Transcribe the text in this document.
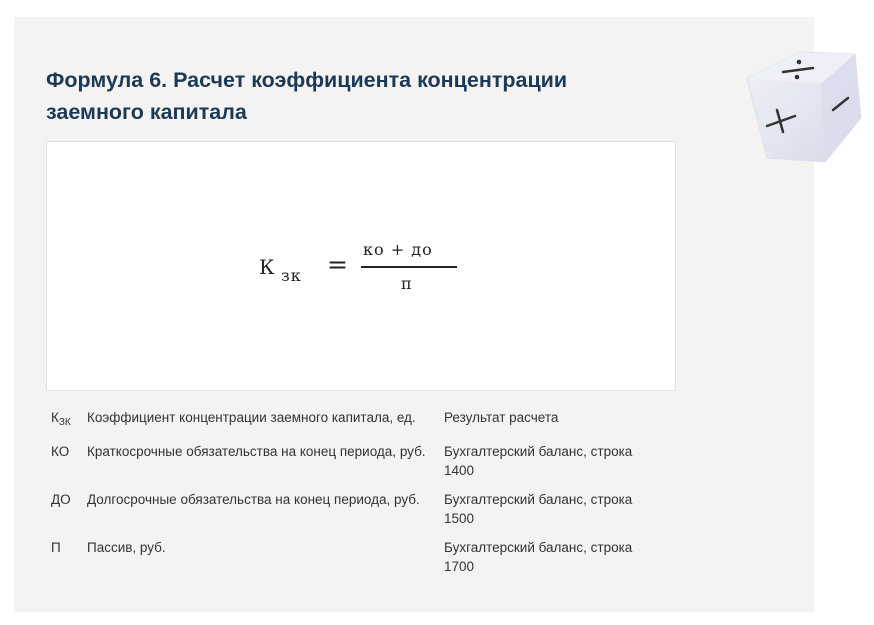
Формула 6. Расчет коэффициента концентрации заемного капитала
К зк =
ко + до
п
$К_{ЗК}$	Коэффициент концентрации заемного капитала, ед.	Результат расчета
КО	Краткосрочные обязательства на конец периода, руб.	Бухгалтерский баланс, строка 1400
ДО	Долгосрочные обязательства на конец периода, руб.	Бухгалтерский баланс, строка 1500
П	Пассив, руб.	Бухгалтерский баланс, строка 1700
